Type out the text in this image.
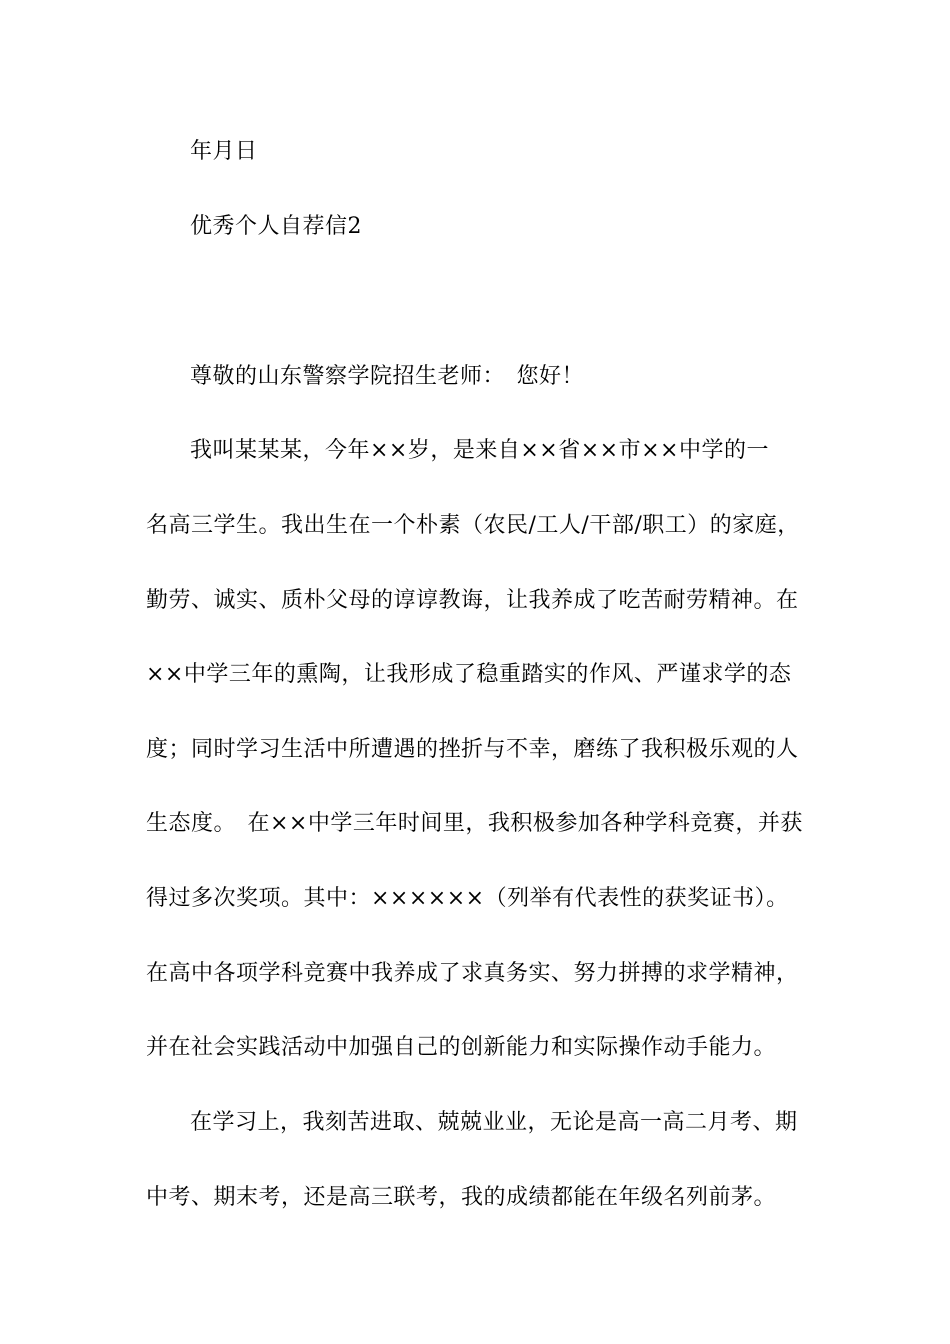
年月日
优秀个人自荐信2
尊敬的山东警察学院招生老师：　您好！
我叫某某某，今年××岁，是来自××省××市××中学的一
名高三学生。我出生在一个朴素（农民/工人/干部/职工）的家庭，
勤劳、诚实、质朴父母的谆谆教诲，让我养成了吃苦耐劳精神。在
××中学三年的熏陶，让我形成了稳重踏实的作风、严谨求学的态
度；同时学习生活中所遭遇的挫折与不幸，磨练了我积极乐观的人
生态度。　在××中学三年时间里，我积极参加各种学科竞赛，并获
得过多次奖项。其中：××××××（列举有代表性的获奖证书）。
在高中各项学科竞赛中我养成了求真务实、努力拼搏的求学精神，
并在社会实践活动中加强自己的创新能力和实际操作动手能力。
在学习上，我刻苦进取、兢兢业业，无论是高一高二月考、期
中考、期末考，还是高三联考，我的成绩都能在年级名列前茅。
